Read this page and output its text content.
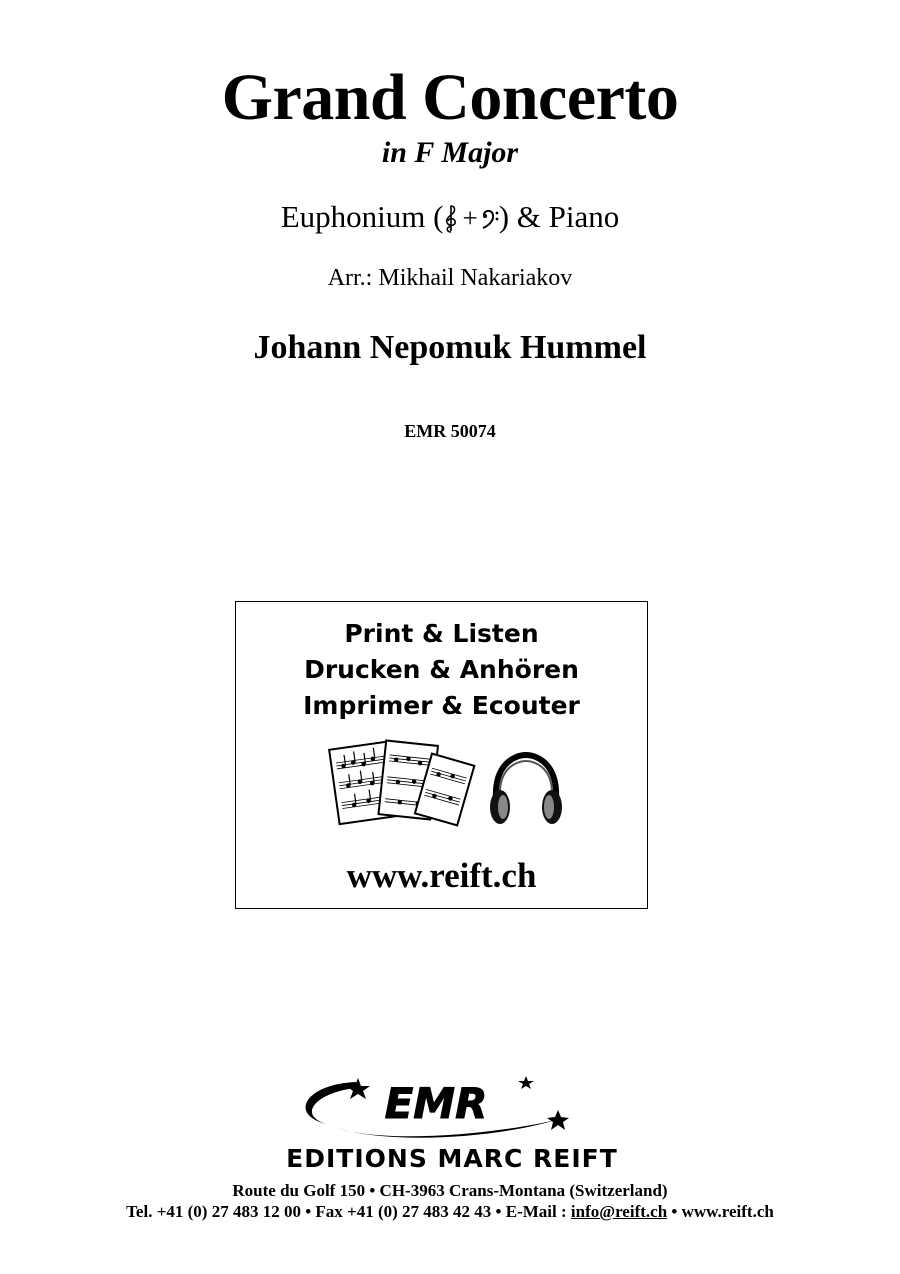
Grand Concerto
in F Major
Euphonium ( + ) & Piano
Arr.: Mikhail Nakariakov
Johann Nepomuk Hummel
EMR 50074
Print & Listen
Drucken & Anhören
Imprimer & Ecouter
www.reift.ch
EMR
EDITIONS MARC REIFT
Route du Golf 150 • CH-3963 Crans-Montana (Switzerland)
Tel. +41 (0) 27 483 12 00 • Fax +41 (0) 27 483 42 43 • E-Mail : info@reift.ch • www.reift.ch
